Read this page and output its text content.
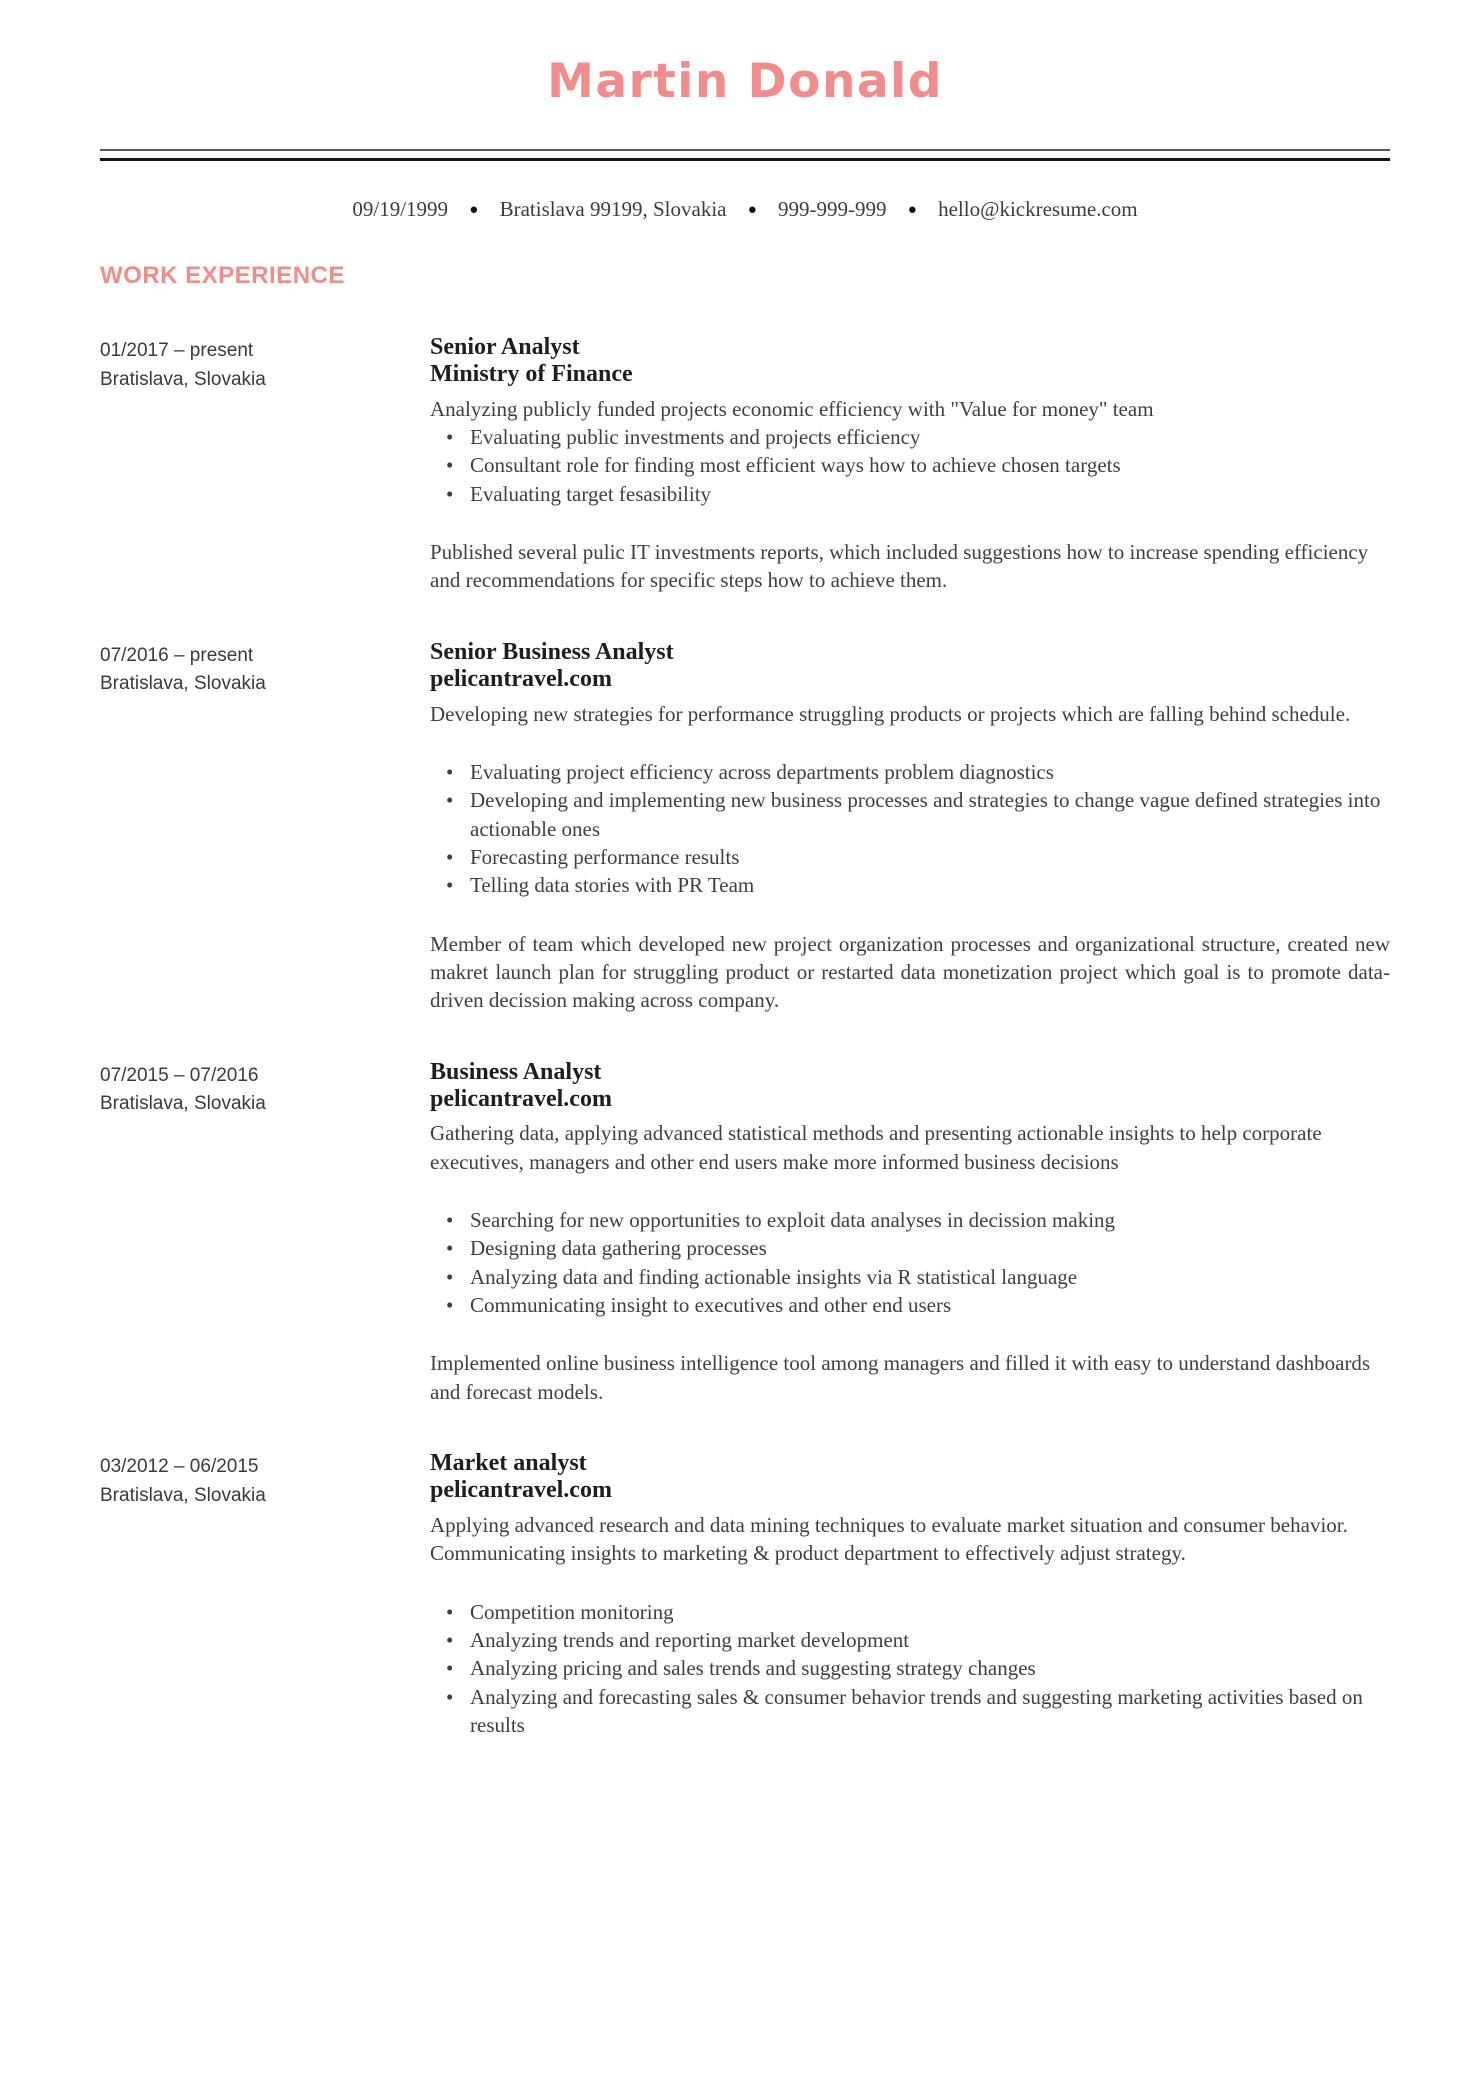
Martin Donald
09/19/1999 ● Bratislava 99199, Slovakia ● 999-999-999 ● hello@kickresume.com
WORK EXPERIENCE
01/2017 – present
Bratislava, Slovakia
Senior Analyst
Ministry of Finance
Analyzing publicly funded projects economic efficiency with "Value for money" team
• Evaluating public investments and projects efficiency
• Consultant role for finding most efficient ways how to achieve chosen targets
• Evaluating target fesasibility
Published several pulic IT investments reports, which included suggestions how to increase spending efficiency and recommendations for specific steps how to achieve them.
07/2016 – present
Bratislava, Slovakia
Senior Business Analyst
pelicantravel.com
Developing new strategies for performance struggling products or projects which are falling behind schedule.
• Evaluating project efficiency across departments problem diagnostics
• Developing and implementing new business processes and strategies to change vague defined strategies into actionable ones
• Forecasting performance results
• Telling data stories with PR Team
Member of team which developed new project organization processes and organizational structure, created new makret launch plan for struggling product or restarted data monetization project which goal is to promote data-driven decission making across company.
07/2015 – 07/2016
Bratislava, Slovakia
Business Analyst
pelicantravel.com
Gathering data, applying advanced statistical methods and presenting actionable insights to help corporate executives, managers and other end users make more informed business decisions
• Searching for new opportunities to exploit data analyses in decission making
• Designing data gathering processes
• Analyzing data and finding actionable insights via R statistical language
• Communicating insight to executives and other end users
Implemented online business intelligence tool among managers and filled it with easy to understand dashboards and forecast models.
03/2012 – 06/2015
Bratislava, Slovakia
Market analyst
pelicantravel.com
Applying advanced research and data mining techniques to evaluate market situation and consumer behavior. Communicating insights to marketing & product department to effectively adjust strategy.
• Competition monitoring
• Analyzing trends and reporting market development
• Analyzing pricing and sales trends and suggesting strategy changes
• Analyzing and forecasting sales & consumer behavior trends and suggesting marketing activities based on results
